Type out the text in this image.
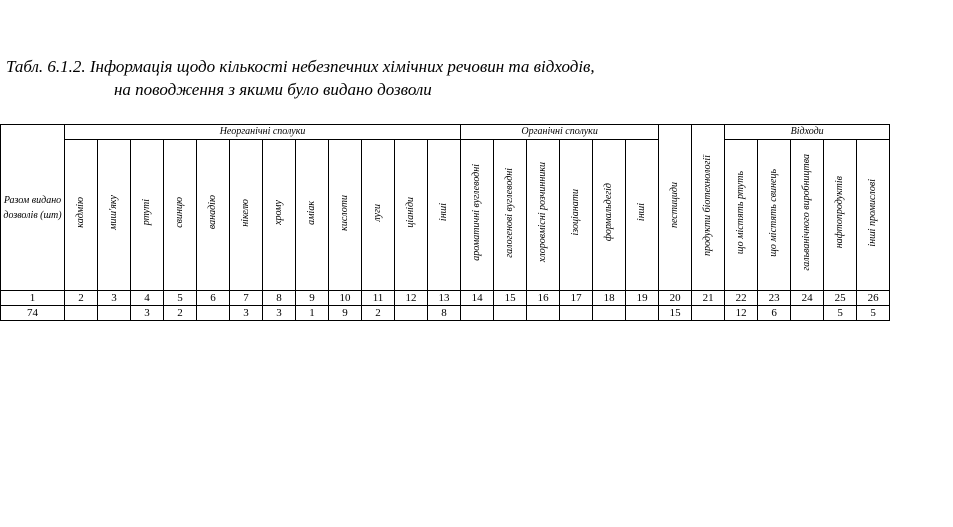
Табл. 6.1.2. Інформація щодо кількості небезпечних хімічних речовин та відходів,
на поводження з якими було видано дозволи
Разом видано дозволів (шт)	Неорганічні сполуки												Органічні сполуки						пестициди	продукти біотехнології	Відходи				
	кадмію	миш'яку	ртуті	свинцю	ванадію	нікелю	хрому	аміак	кислоти	луги	ціаніди	інші	ароматичні вуглеводні	галогенові вуглеводні	хлоровмісні розчинники	ізоціанати	формальдегід	інші			що містять ртуть	що містять свинець	гальванічного виробництва	нафтопродуктів	інші промислові
1	2	3	4	5	6	7	8	9	10	11	12	13	14	15	16	17	18	19	20	21	22	23	24	25	26
74			3	2		3	3	1	9	2		8							15		12	6		5	5
